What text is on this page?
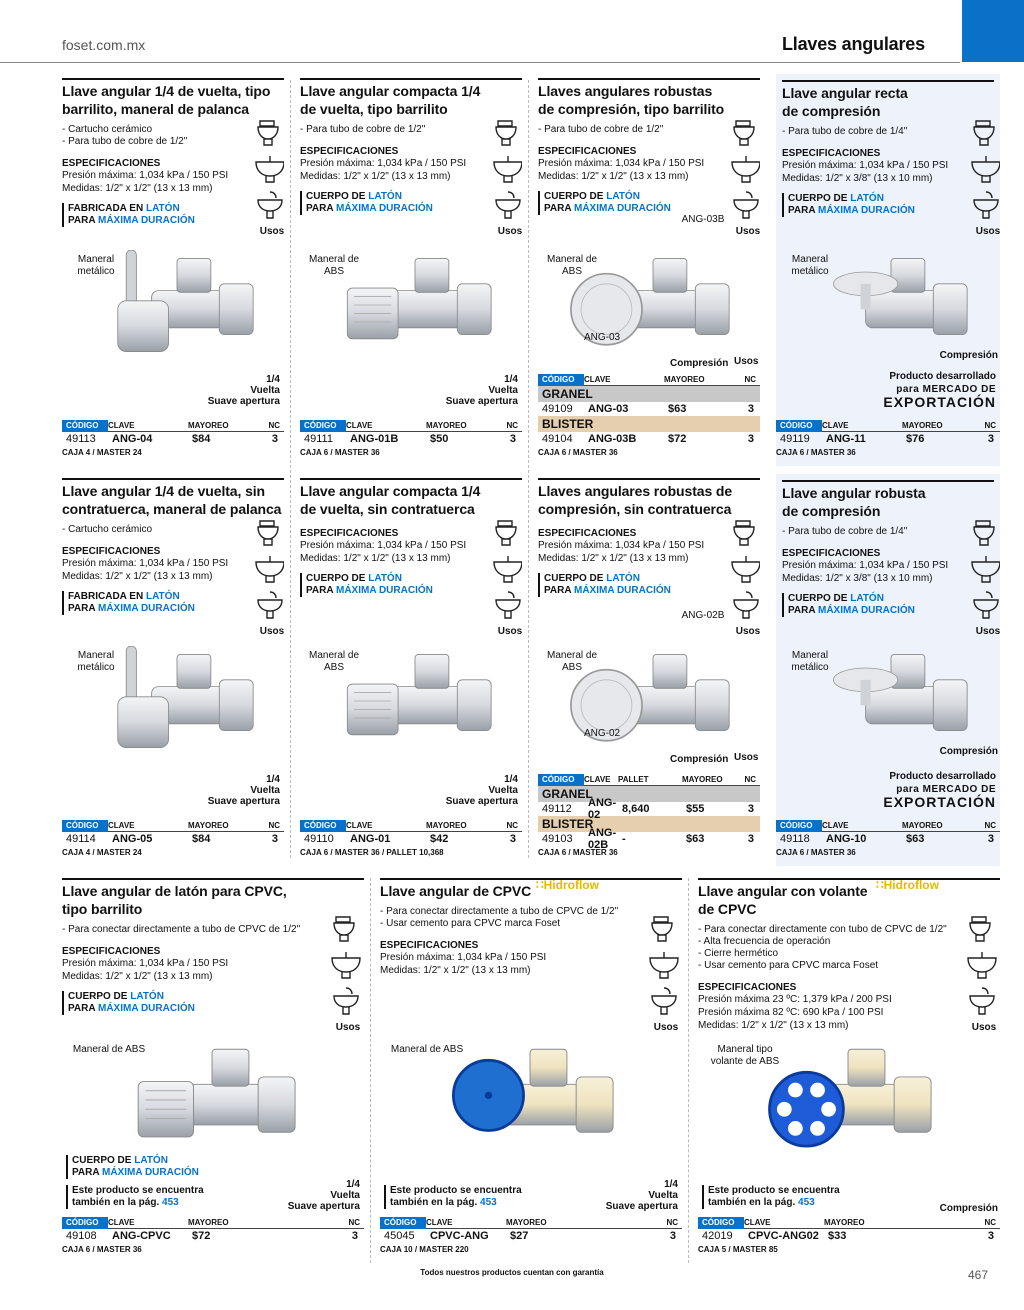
foset.com.mx	Llaves angulares
Llave angular 1/4 de vuelta, tipo
barrilito, maneral de palanca
- Cartucho cerámico
- Para tubo de cobre de 1/2"
ESPECIFICACIONES
Presión máxima: 1,034 kPa / 150 PSI
Medidas: 1/2" x 1/2" (13 x 13 mm)
FABRICADA EN LATÓN
PARA MÁXIMA DURACIÓN
Usos
Maneral
metálico
1/4
Vuelta
Suave apertura
CÓDIGO	CLAVE	MAYOREO	NC
49113	ANG-04	$84	3
CAJA 4 / MASTER 24
Llave angular compacta 1/4
de vuelta, tipo barrilito
- Para tubo de cobre de 1/2"
ESPECIFICACIONES
Presión máxima: 1,034 kPa / 150 PSI
Medidas: 1/2" x 1/2" (13 x 13 mm)
CUERPO DE LATÓN
PARA MÁXIMA DURACIÓN
Usos
Maneral de ABS
1/4
Vuelta
Suave apertura
CÓDIGO	CLAVE	MAYOREO	NC
49111	ANG-01B	$50	3
CAJA 6 / MASTER 36
Llaves angulares robustas
de compresión, tipo barrilito
- Para tubo de cobre de 1/2"
ESPECIFICACIONES
Presión máxima: 1,034 kPa / 150 PSI
Medidas: 1/2" x 1/2" (13 x 13 mm)
CUERPO DE LATÓN
PARA MÁXIMA DURACIÓN
Usos
Maneral de ABS
ANG-03
ANG-03B
Compresión Usos
CÓDIGO	CLAVE	MAYOREO	NC
GRANEL
49109	ANG-03	$63	3
BLISTER
49104	ANG-03B	$72	3
CAJA 6 / MASTER 36
Llave angular recta
de compresión
- Para tubo de cobre de 1/4"
ESPECIFICACIONES
Presión máxima: 1,034 kPa / 150 PSI
Medidas: 1/2" x 3/8" (13 x 10 mm)
CUERPO DE LATÓN
PARA MÁXIMA DURACIÓN
Usos
Maneral metálico
Compresión
Producto desarrollado
para MERCADO DE
EXPORTACIÓN
CÓDIGO	CLAVE	MAYOREO	NC
49119	ANG-11	$76	3
CAJA 6 / MASTER 36
Llave angular 1/4 de vuelta, sin
contratuerca, maneral de palanca
- Cartucho cerámico
ESPECIFICACIONES
Presión máxima: 1,034 kPa / 150 PSI
Medidas: 1/2" x 1/2" (13 x 13 mm)
FABRICADA EN LATÓN
PARA MÁXIMA DURACIÓN
Usos
Maneral
metálico
1/4
Vuelta
Suave apertura
CÓDIGO	CLAVE	MAYOREO	NC
49114	ANG-05	$84	3
CAJA 4 / MASTER 24
Llave angular compacta 1/4
de vuelta, sin contratuerca
ESPECIFICACIONES
Presión máxima: 1,034 kPa / 150 PSI
Medidas: 1/2" x 1/2" (13 x 13 mm)
CUERPO DE LATÓN
PARA MÁXIMA DURACIÓN
Usos
Maneral de ABS
1/4
Vuelta
Suave apertura
CÓDIGO	CLAVE	MAYOREO	NC
49110	ANG-01	$42	3
CAJA 6 / MASTER 36 / PALLET 10,368
Llaves angulares robustas de
compresión, sin contratuerca
ESPECIFICACIONES
Presión máxima: 1,034 kPa / 150 PSI
Medidas: 1/2" x 1/2" (13 x 13 mm)
CUERPO DE LATÓN
PARA MÁXIMA DURACIÓN
Usos
Maneral de ABS
ANG-02
ANG-02B
Compresión Usos
CÓDIGO	CLAVE PALLET	MAYOREO	NC
GRANEL
49112	ANG-02	8,640	$55	3
BLISTER
49103	ANG-02B	-	$63	3
CAJA 6 / MASTER 36
Llave angular robusta
de compresión
- Para tubo de cobre de 1/4"
ESPECIFICACIONES
Presión máxima: 1,034 kPa / 150 PSI
Medidas: 1/2" x 3/8" (13 x 10 mm)
CUERPO DE LATÓN
PARA MÁXIMA DURACIÓN
Usos
Maneral
metálico
Compresión
Producto desarrollado
para MERCADO DE
EXPORTACIÓN
CÓDIGO	CLAVE	MAYOREO	NC
49118	ANG-10	$63	3
CAJA 6 / MASTER 36
Llave angular de latón para CPVC,
tipo barrilito
- Para conectar directamente a tubo de CPVC de 1/2"
ESPECIFICACIONES
Presión máxima: 1,034 kPa / 150 PSI
Medidas: 1/2" x 1/2" (13 x 13 mm)
CUERPO DE LATÓN
PARA MÁXIMA DURACIÓN
Usos
Maneral de ABS
1/4
Vuelta
Suave apertura
Este producto se encuentra
también en la pág. 453
CUERPO DE LATÓN
PARA MÁXIMA DURACIÓN
CÓDIGO	CLAVE	MAYOREO	NC
49108	ANG-CPVC	$72	3
CAJA 6 / MASTER 36
Llave angular de CPVC
- Para conectar directamente a tubo de CPVC de 1/2"
- Usar cemento para CPVC marca Foset
ESPECIFICACIONES
Presión máxima: 1,034 kPa / 150 PSI
Medidas: 1/2" x 1/2" (13 x 13 mm)
Usos
Maneral de ABS
1/4
Vuelta
Suave apertura
Este producto se encuentra
también en la pág. 453
∷Hidroflow
CÓDIGO	CLAVE	MAYOREO	NC
45045	CPVC-ANG	$27	3
CAJA 10 / MASTER 220
Llave angular con volante
de CPVC
- Para conectar directamente con tubo de CPVC de 1/2"
- Alta frecuencia de operación
- Cierre hermético
- Usar cemento para CPVC marca Foset
ESPECIFICACIONES
Presión máxima 23 ºC: 1,379 kPa / 200 PSI
Presión máxima 82 ºC: 690 kPa / 100 PSI
Medidas: 1/2" x 1/2" (13 x 13 mm)	Usos
Maneral tipo
volante de ABS
Compresión
Este producto se encuentra
también en la pág. 453
∷Hidroflow
CÓDIGO	CLAVE	MAYOREO	NC
42019	CPVC-ANG02 $33	3
CAJA 5 / MASTER 85
Todos nuestros productos cuentan con garantía	467
